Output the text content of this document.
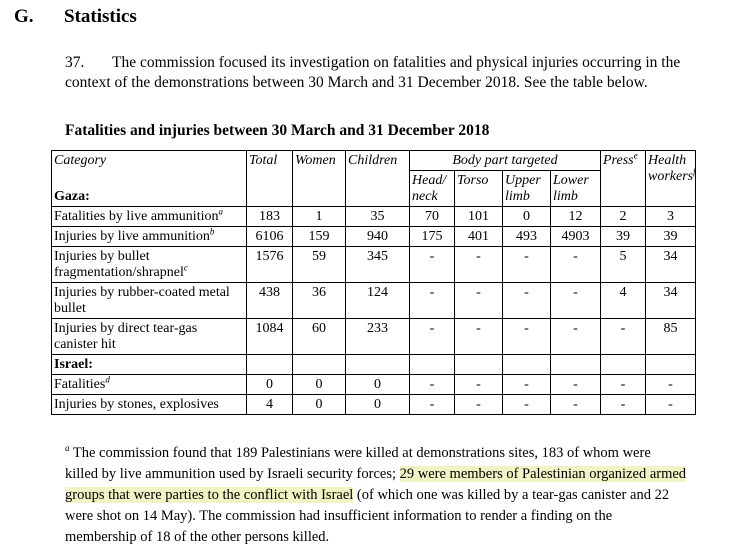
G. Statistics
37. The commission focused its investigation on fatalities and physical injuries occurring in the context of the demonstrations between 30 March and 31 December 2018. See the table below.
Fatalities and injuries between 30 March and 31 December 2018
Category	Total	Women	Children	Body part targeted				Press$^e$	Health workers$^f$
Gaza:				Head/ neck	Torso	Upper limb	Lower limb		
Fatalities by live ammunition$^a$	183	1	35	70	101	0	12	2	3
Injuries by live ammunition$^b$	6106	159	940	175	401	493	4903	39	39
Injuries by bullet fragmentation/shrapnel$^c$	1576	59	345	-	-	-	-	5	34
Injuries by rubber-coated metal bullet	438	36	124	-	-	-	-	4	34
Injuries by direct tear-gas canister hit	1084	60	233	-	-	-	-	-	85
Israel:									
Fatalities$^d$	0	0	0	-	-	-	-	-	-
Injuries by stones, explosives	4	0	0	-	-	-	-	-	-
$^a$ The commission found that 189 Palestinians were killed at demonstrations sites, 183 of whom were killed by live ammunition used by Israeli security forces; 29 were members of Palestinian organized armed groups that were parties to the conflict with Israel (of which one was killed by a tear-gas canister and 22 were shot on 14 May). The commission had insufficient information to render a finding on the membership of 18 of the other persons killed.
